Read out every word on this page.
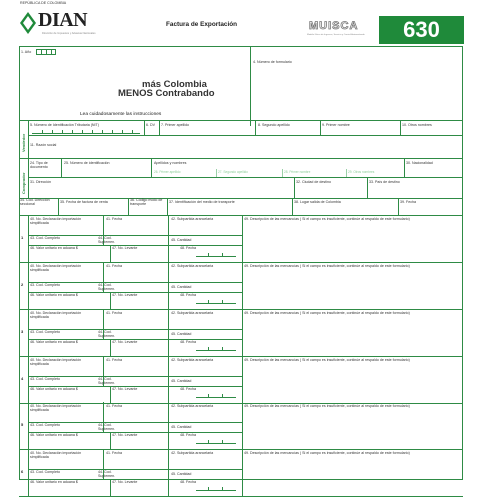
REPÚBLICA DE COLOMBIA
DIAN
Dirección de Impuestos y Aduanas Nacionales
Factura de Exportación	MUISCA
Modelo Único de Ingresos, Servicio y Control Automatizado	630
1. Año
4. Número de formulario
más Colombia
MENOS Contrabando
Lea cuidadosamente las instrucciones
Vendedor
5. Número de Identificación Tributaria (NIT)	6. DV 7. Primer apellido	8. Segundo apellido	9. Primer nombre	10. Otros nombres
11. Razón social
Comprador
24. Tipo de documento
25. Número de identificación	Apellidos y nombres	30. Nacionalidad
26. Primer apellido	27. Segundo apellido	28. Primer nombre	29. Otros nombres
31. Dirección	32. Ciudad de destino	33. País de destino
34. Cod. Dirección seccional	35. Fecha de factura de venta	36. Código modo de transporte	37. Identificación del medio de transporte	38. Lugar salida de Colombia	39. Fecha
1
40. No. Declaración importación simplificada
41. Fecha	42. Subpartida arancelaria	49. Descripción de las mercancías ( Si el campo es insuficiente, continúe al respaldo de este formulario)
43. Cod. Completo	44. Cod. Suplemen.	45. Cantidad
46. Valor unitario en aduana $	47. No. Levante	48. Fecha
2
40. No. Declaración importación simplificada
41. Fecha	42. Subpartida arancelaria	49. Descripción de las mercancías ( Si el campo es insuficiente, continúe al respaldo de este formulario)
43. Cod. Completo	44. Cod. Suplemen.	45. Cantidad
46. Valor unitario en aduana $	47. No. Levante	48. Fecha
3
40. No. Declaración importación simplificada
41. Fecha	42. Subpartida arancelaria	49. Descripción de las mercancías ( Si el campo es insuficiente, continúe al respaldo de este formulario)
43. Cod. Completo	44. Cod. Suplemen.	45. Cantidad
46. Valor unitario en aduana $	47. No. Levante	48. Fecha
4
40. No. Declaración importación simplificada
41. Fecha	42. Subpartida arancelaria	49. Descripción de las mercancías ( Si el campo es insuficiente, continúe al respaldo de este formulario)
43. Cod. Completo	44. Cod. Suplemen.	45. Cantidad
46. Valor unitario en aduana $	47. No. Levante	48. Fecha
5
40. No. Declaración importación simplificada
41. Fecha	42. Subpartida arancelaria	49. Descripción de las mercancías ( Si el campo es insuficiente, continúe al respaldo de este formulario)
43. Cod. Completo	44. Cod. Suplemen.	45. Cantidad
46. Valor unitario en aduana $	47. No. Levante	48. Fecha
6
40. No. Declaración importación simplificada
41. Fecha	42. Subpartida arancelaria	49. Descripción de las mercancías ( Si el campo es insuficiente, continúe al respaldo de este formulario)
43. Cod. Completo	44. Cod. Suplemen.	45. Cantidad
46. Valor unitario en aduana $	47. No. Levante	48. Fecha
